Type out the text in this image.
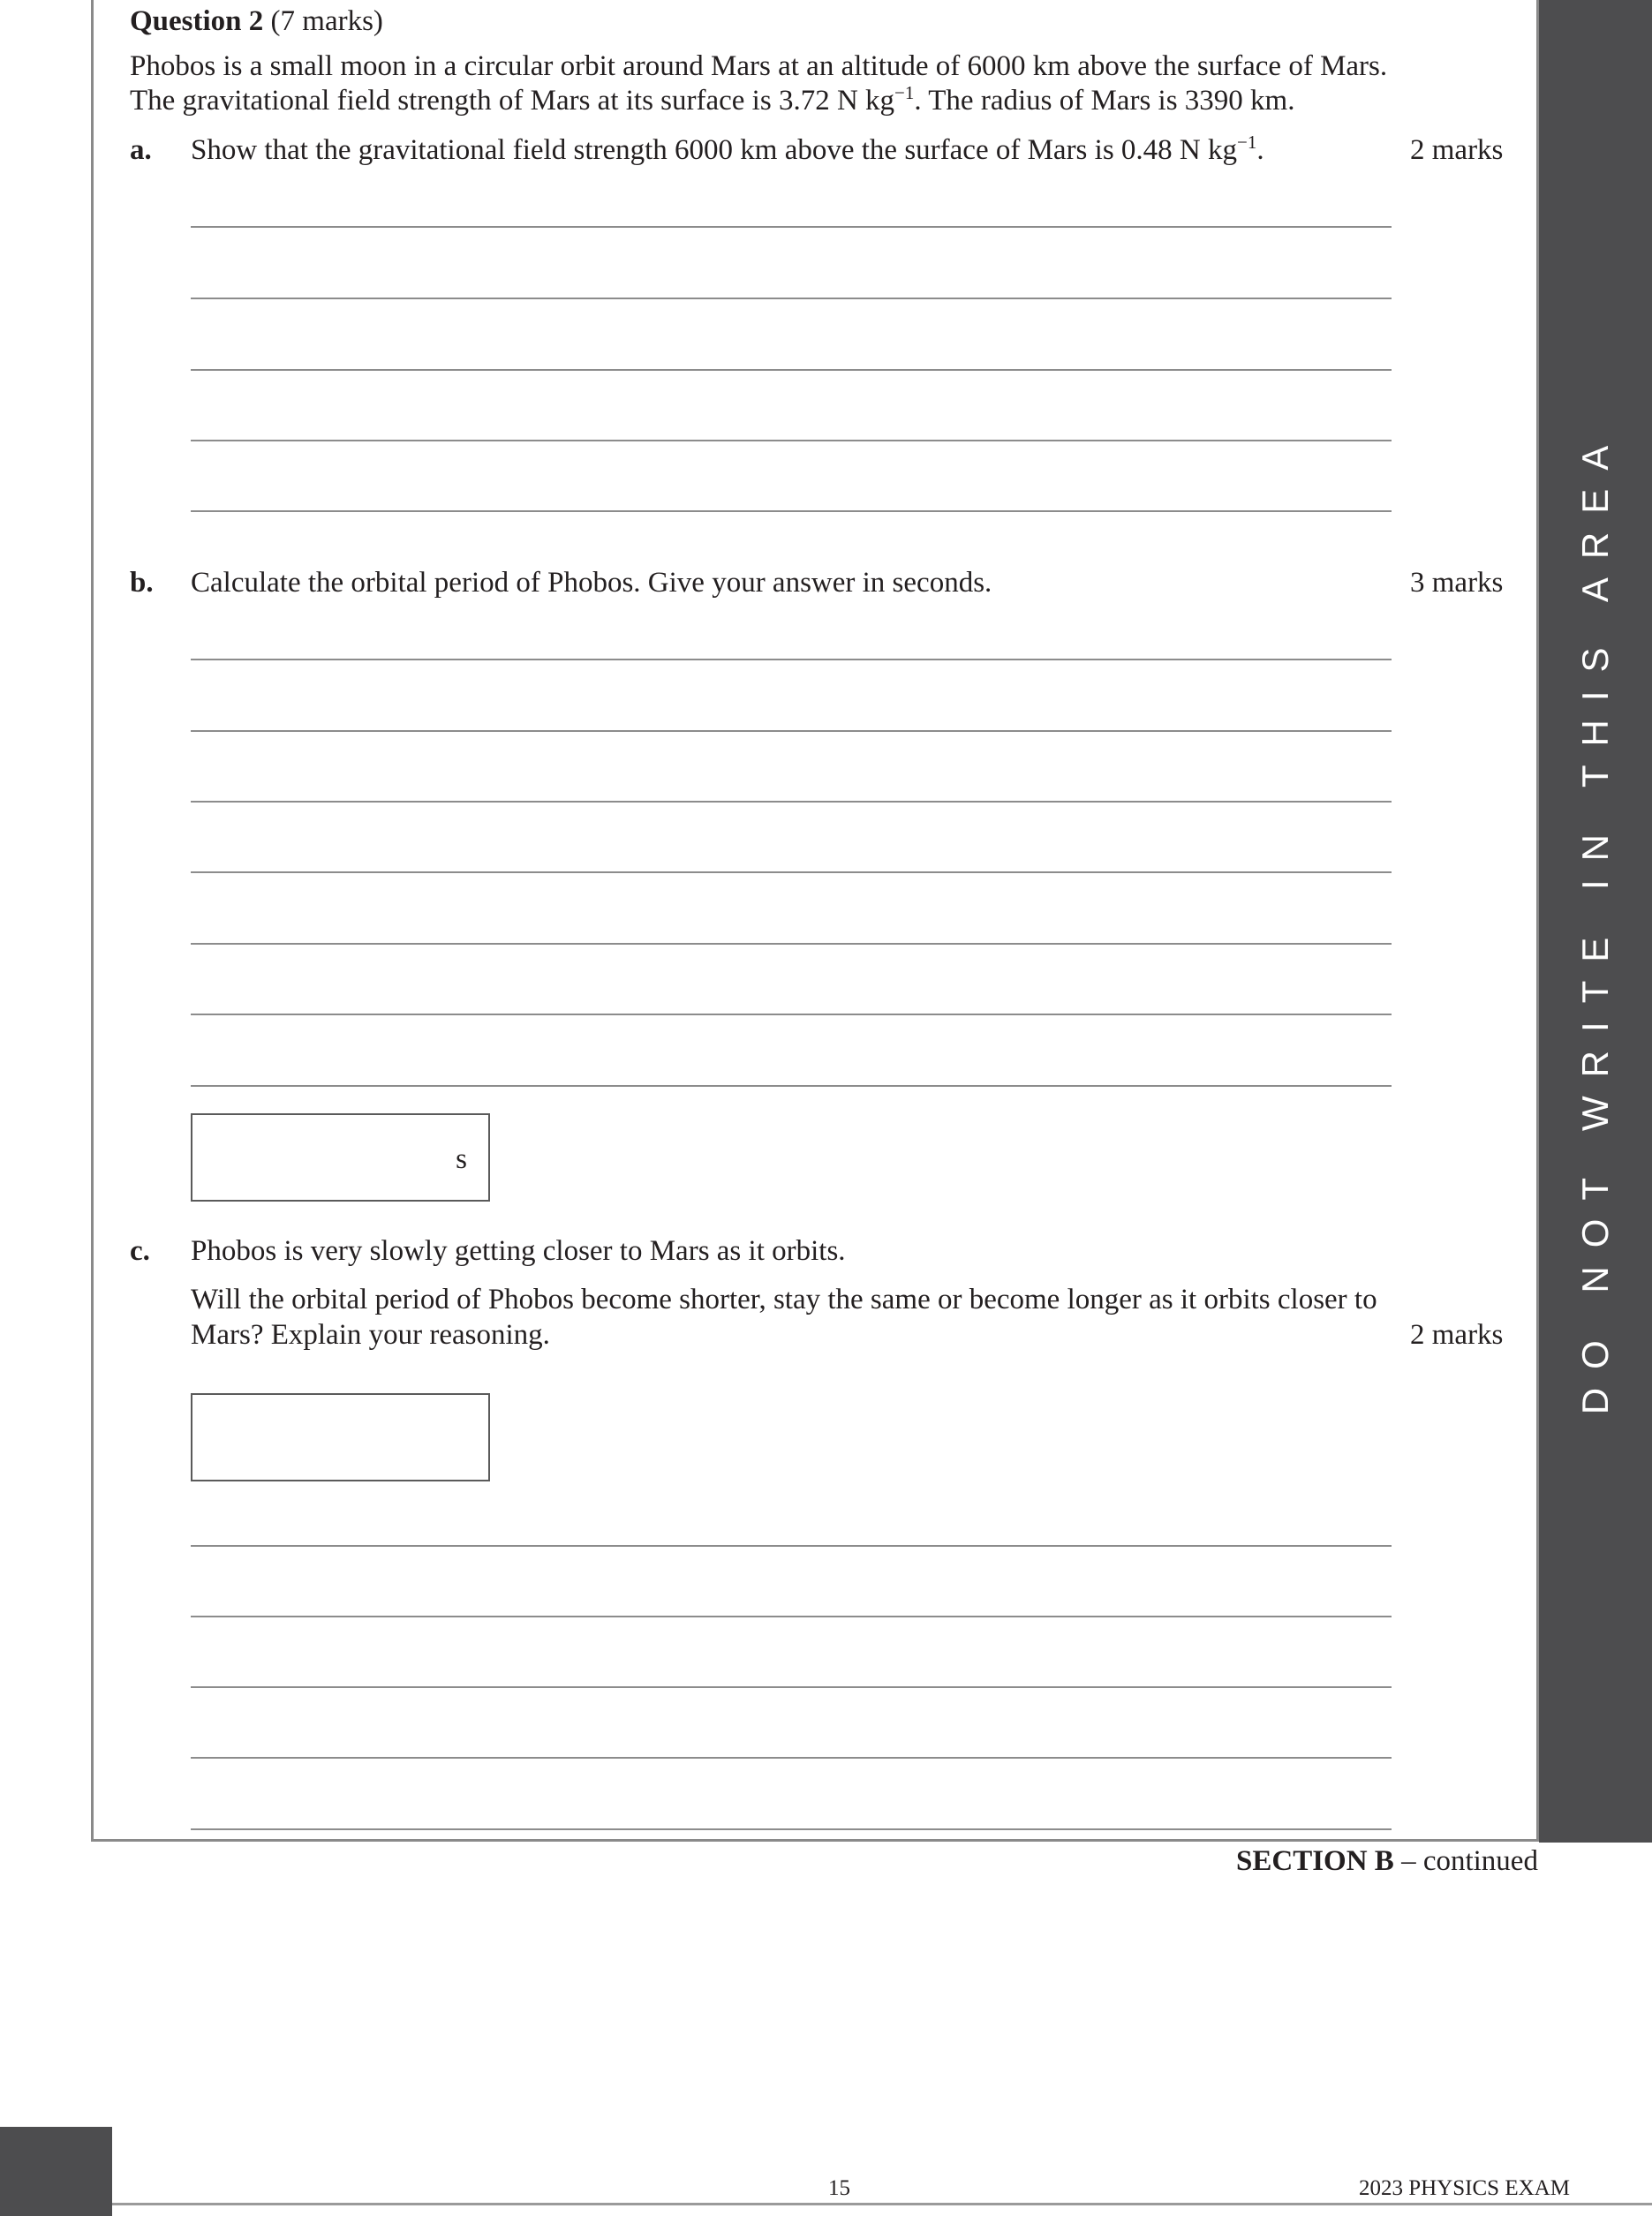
DO NOT WRITE IN THIS AREA
Question 2 (7 marks)
Phobos is a small moon in a circular orbit around Mars at an altitude of 6000 km above the surface of Mars.
The gravitational field strength of Mars at its surface is 3.72 N $kg^{-1}$. The radius of Mars is 3390 km.
a. Show that the gravitational field strength 6000 km above the surface of Mars is 0.48 N $kg^{-1}$.	2 marks
b. Calculate the orbital period of Phobos. Give your answer in seconds.	3 marks
s
c. Phobos is very slowly getting closer to Mars as it orbits.
Will the orbital period of Phobos become shorter, stay the same or become longer as it orbits closer to
Mars? Explain your reasoning.	2 marks
SECTION B – continued
15	2023 PHYSICS EXAM
